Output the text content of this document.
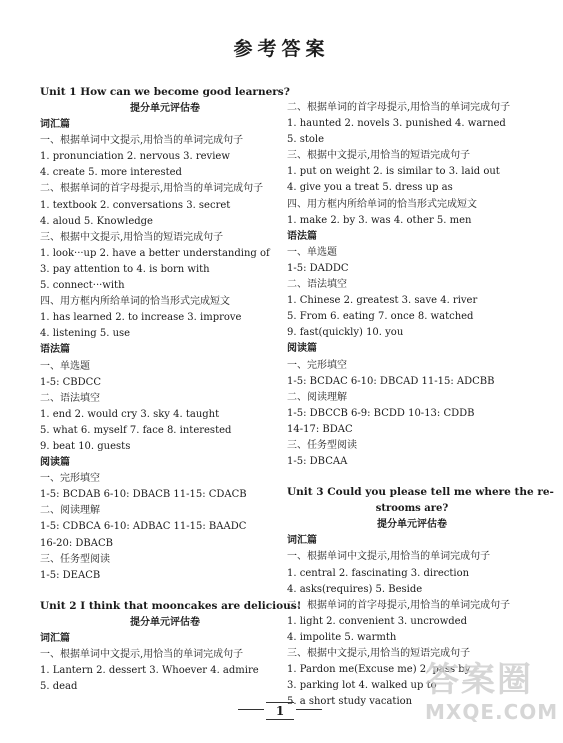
参考答案
Unit 1 How can we become good learners?
提分单元评估卷
词汇篇
一、根据单词中文提示,用恰当的单词完成句子
1. pronunciation 2. nervous 3. review
4. create 5. more interested
二、根据单词的首字母提示,用恰当的单词完成句子
1. textbook 2. conversations 3. secret
4. aloud 5. Knowledge
三、根据中文提示,用恰当的短语完成句子
1. look···up 2. have a better understanding of
3. pay attention to 4. is born with
5. connect···with
四、用方框内所给单词的恰当形式完成短文
1. has learned 2. to increase 3. improve
4. listening 5. use
语法篇
一、单选题
1-5: CBDCC
二、语法填空
1. end 2. would cry 3. sky 4. taught
5. what 6. myself 7. face 8. interested
9. beat 10. guests
阅读篇
一、完形填空
1-5: BCDAB 6-10: DBACB 11-15: CDACB
二、阅读理解
1-5: CDBCA 6-10: ADBAC 11-15: BAADC
16-20: DBACB
三、任务型阅读
1-5: DEACB
Unit 2 I think that mooncakes are delicious!
提分单元评估卷
词汇篇
一、根据单词中文提示,用恰当的单词完成句子
1. Lantern 2. dessert 3. Whoever 4. admire
5. dead
二、根据单词的首字母提示,用恰当的单词完成句子
1. haunted 2. novels 3. punished 4. warned
5. stole
三、根据中文提示,用恰当的短语完成句子
1. put on weight 2. is similar to 3. laid out
4. give you a treat 5. dress up as
四、用方框内所给单词的恰当形式完成短文
1. make 2. by 3. was 4. other 5. men
语法篇
一、单选题
1-5: DADDC
二、语法填空
1. Chinese 2. greatest 3. save 4. river
5. From 6. eating 7. once 8. watched
9. fast(quickly) 10. you
阅读篇
一、完形填空
1-5: BCDAC 6-10: DBCAD 11-15: ADCBB
二、阅读理解
1-5: DBCCB 6-9: BCDD 10-13: CDDB
14-17: BDAC
三、任务型阅读
1-5: DBCAA
Unit 3 Could you please tell me where the re-
strooms are?
提分单元评估卷
词汇篇
一、根据单词中文提示,用恰当的单词完成句子
1. central 2. fascinating 3. direction
4. asks(requires) 5. Beside
二、根据单词的首字母提示,用恰当的单词完成句子
1. light 2. convenient 3. uncrowded
4. impolite 5. warmth
三、根据中文提示,用恰当的短语完成句子
1. Pardon me(Excuse me) 2. pass by
3. parking lot 4. walked up to
5. a short study vacation
1
答案圈
MXQE.COM
